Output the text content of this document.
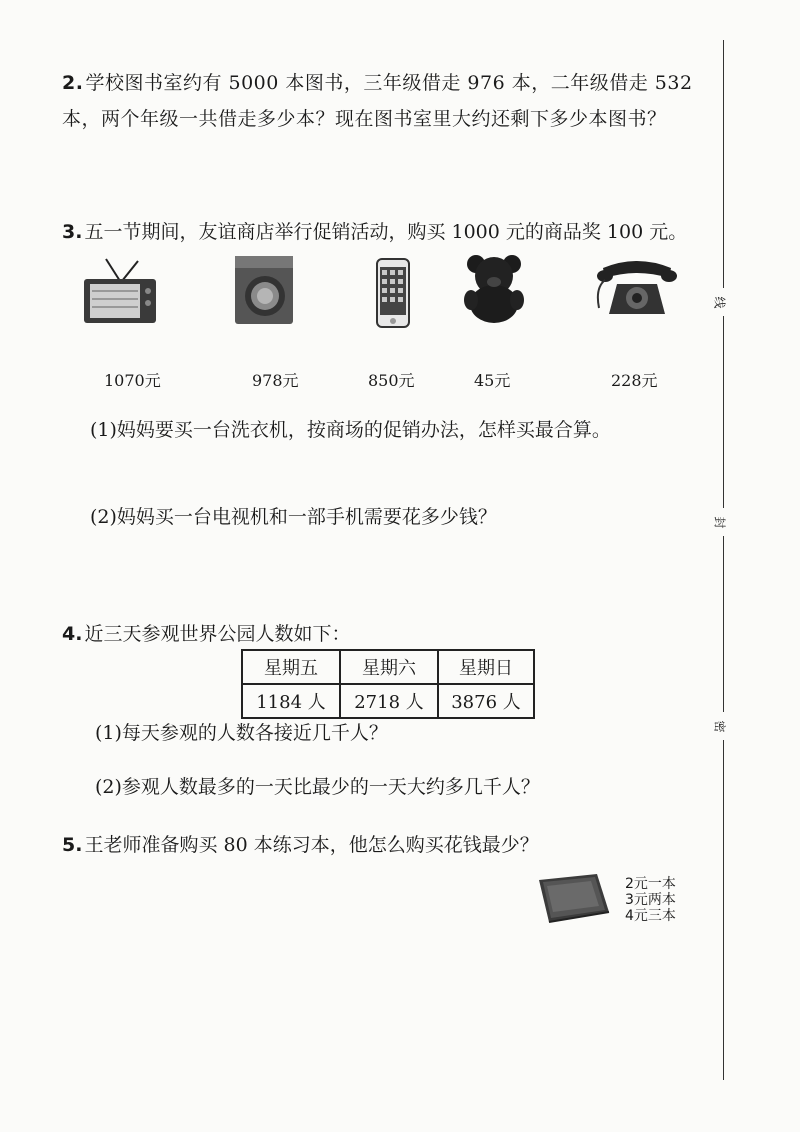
2. 学校图书室约有 5000 本图书，三年级借走 976 本，二年级借走 532 本，两个年级一共借走多少本？现在图书室里大约还剩下多少本图书？
3. 五一节期间，友谊商店举行促销活动，购买 1000 元的商品奖 100 元。
1070元	978元	850元	45元	228元
(1)妈妈要买一台洗衣机，按商场的促销办法，怎样买最合算。
(2)妈妈买一台电视机和一部手机需要花多少钱？
4. 近三天参观世界公园人数如下：
星期五	星期六	星期日
1184 人	2718 人	3876 人
(1)每天参观的人数各接近几千人？
(2)参观人数最多的一天比最少的一天大约多几千人？
5. 王老师准备购买 80 本练习本，他怎么购买花钱最少？
2元一本
3元两本
4元三本
线
封
密
